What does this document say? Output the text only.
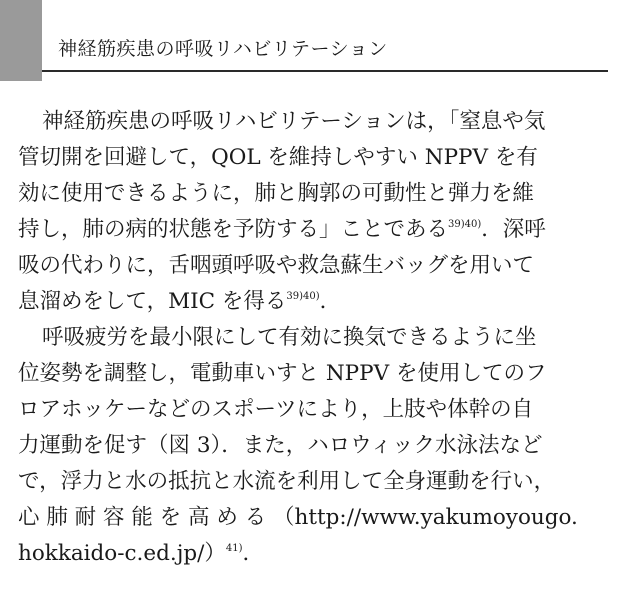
神経筋疾患の呼吸リハビリテーション
神経筋疾患の呼吸リハビリテーションは，「窒息や気
管切開を回避して，QOL を維持しやすい NPPV を有
効に使用できるように，肺と胸郭の可動性と弾力を維
持し，肺の病的状態を予防する」ことである$^{39)40)}$．深呼
吸の代わりに，舌咽頭呼吸や救急蘇生バッグを用いて
息溜めをして，MIC を得る$^{39)40)}$．
呼吸疲労を最小限にして有効に換気できるように坐
位姿勢を調整し，電動車いすと NPPV を使用してのフ
ロアホッケーなどのスポーツにより，上肢や体幹の自
力運動を促す（図 3）．また，ハロウィック水泳法など
で，浮力と水の抵抗と水流を利用して全身運動を行い，
心 肺 耐 容 能 を 高 め る （http://www.yakumoyougo.
hokkaido-c.ed.jp/）$^{41)}$．
